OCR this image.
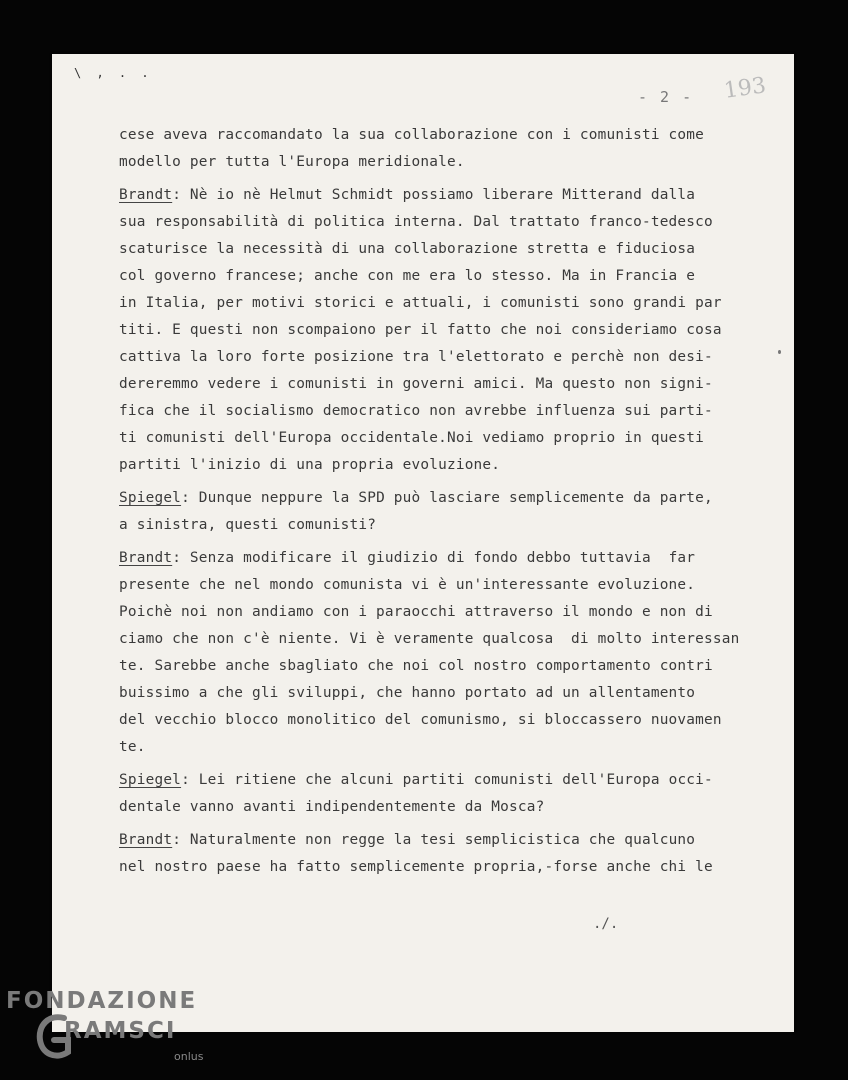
\ , . .
- 2 - 193

cese aveva raccomandato la sua collaborazione con i comunisti come
modello per tutta l'Europa meridionale.

Brandt: Nè io nè Helmut Schmidt possiamo liberare Mitterand dalla
sua responsabilità di politica interna. Dal trattato franco-tedesco
scaturisce la necessità di una collaborazione stretta e fiduciosa
col governo francese; anche con me era lo stesso. Ma in Francia e
in Italia, per motivi storici e attuali, i comunisti sono grandi par
titi. E questi non scompaiono per il fatto che noi consideriamo cosa
cattiva la loro forte posizione tra l'elettorato e perchè non desi-
dereremmo vedere i comunisti in governi amici. Ma questo non signi-
fica che il socialismo democratico non avrebbe influenza sui parti-
ti comunisti dell'Europa occidentale.Noi vediamo proprio in questi
partiti l'inizio di una propria evoluzione.

Spiegel: Dunque neppure la SPD può lasciare semplicemente da parte,
a sinistra, questi comunisti?

Brandt: Senza modificare il giudizio di fondo debbo tuttavia  far
presente che nel mondo comunista vi è un'interessante evoluzione.
Poichè noi non andiamo con i paraocchi attraverso il mondo e non di
ciamo che non c'è niente. Vi è veramente qualcosa  di molto interessan
te. Sarebbe anche sbagliato che noi col nostro comportamento contri
buissimo a che gli sviluppi, che hanno portato ad un allentamento
del vecchio blocco monolitico del comunismo, si bloccassero nuovamen
te.

Spiegel: Lei ritiene che alcuni partiti comunisti dell'Europa occi-
dentale vanno avanti indipendentemente da Mosca?

Brandt: Naturalmente non regge la tesi semplicistica che qualcuno
nel nostro paese ha fatto semplicemente propria,-forse anche chi le

./.
FONDAZIONE
RAMSCI
onlus
